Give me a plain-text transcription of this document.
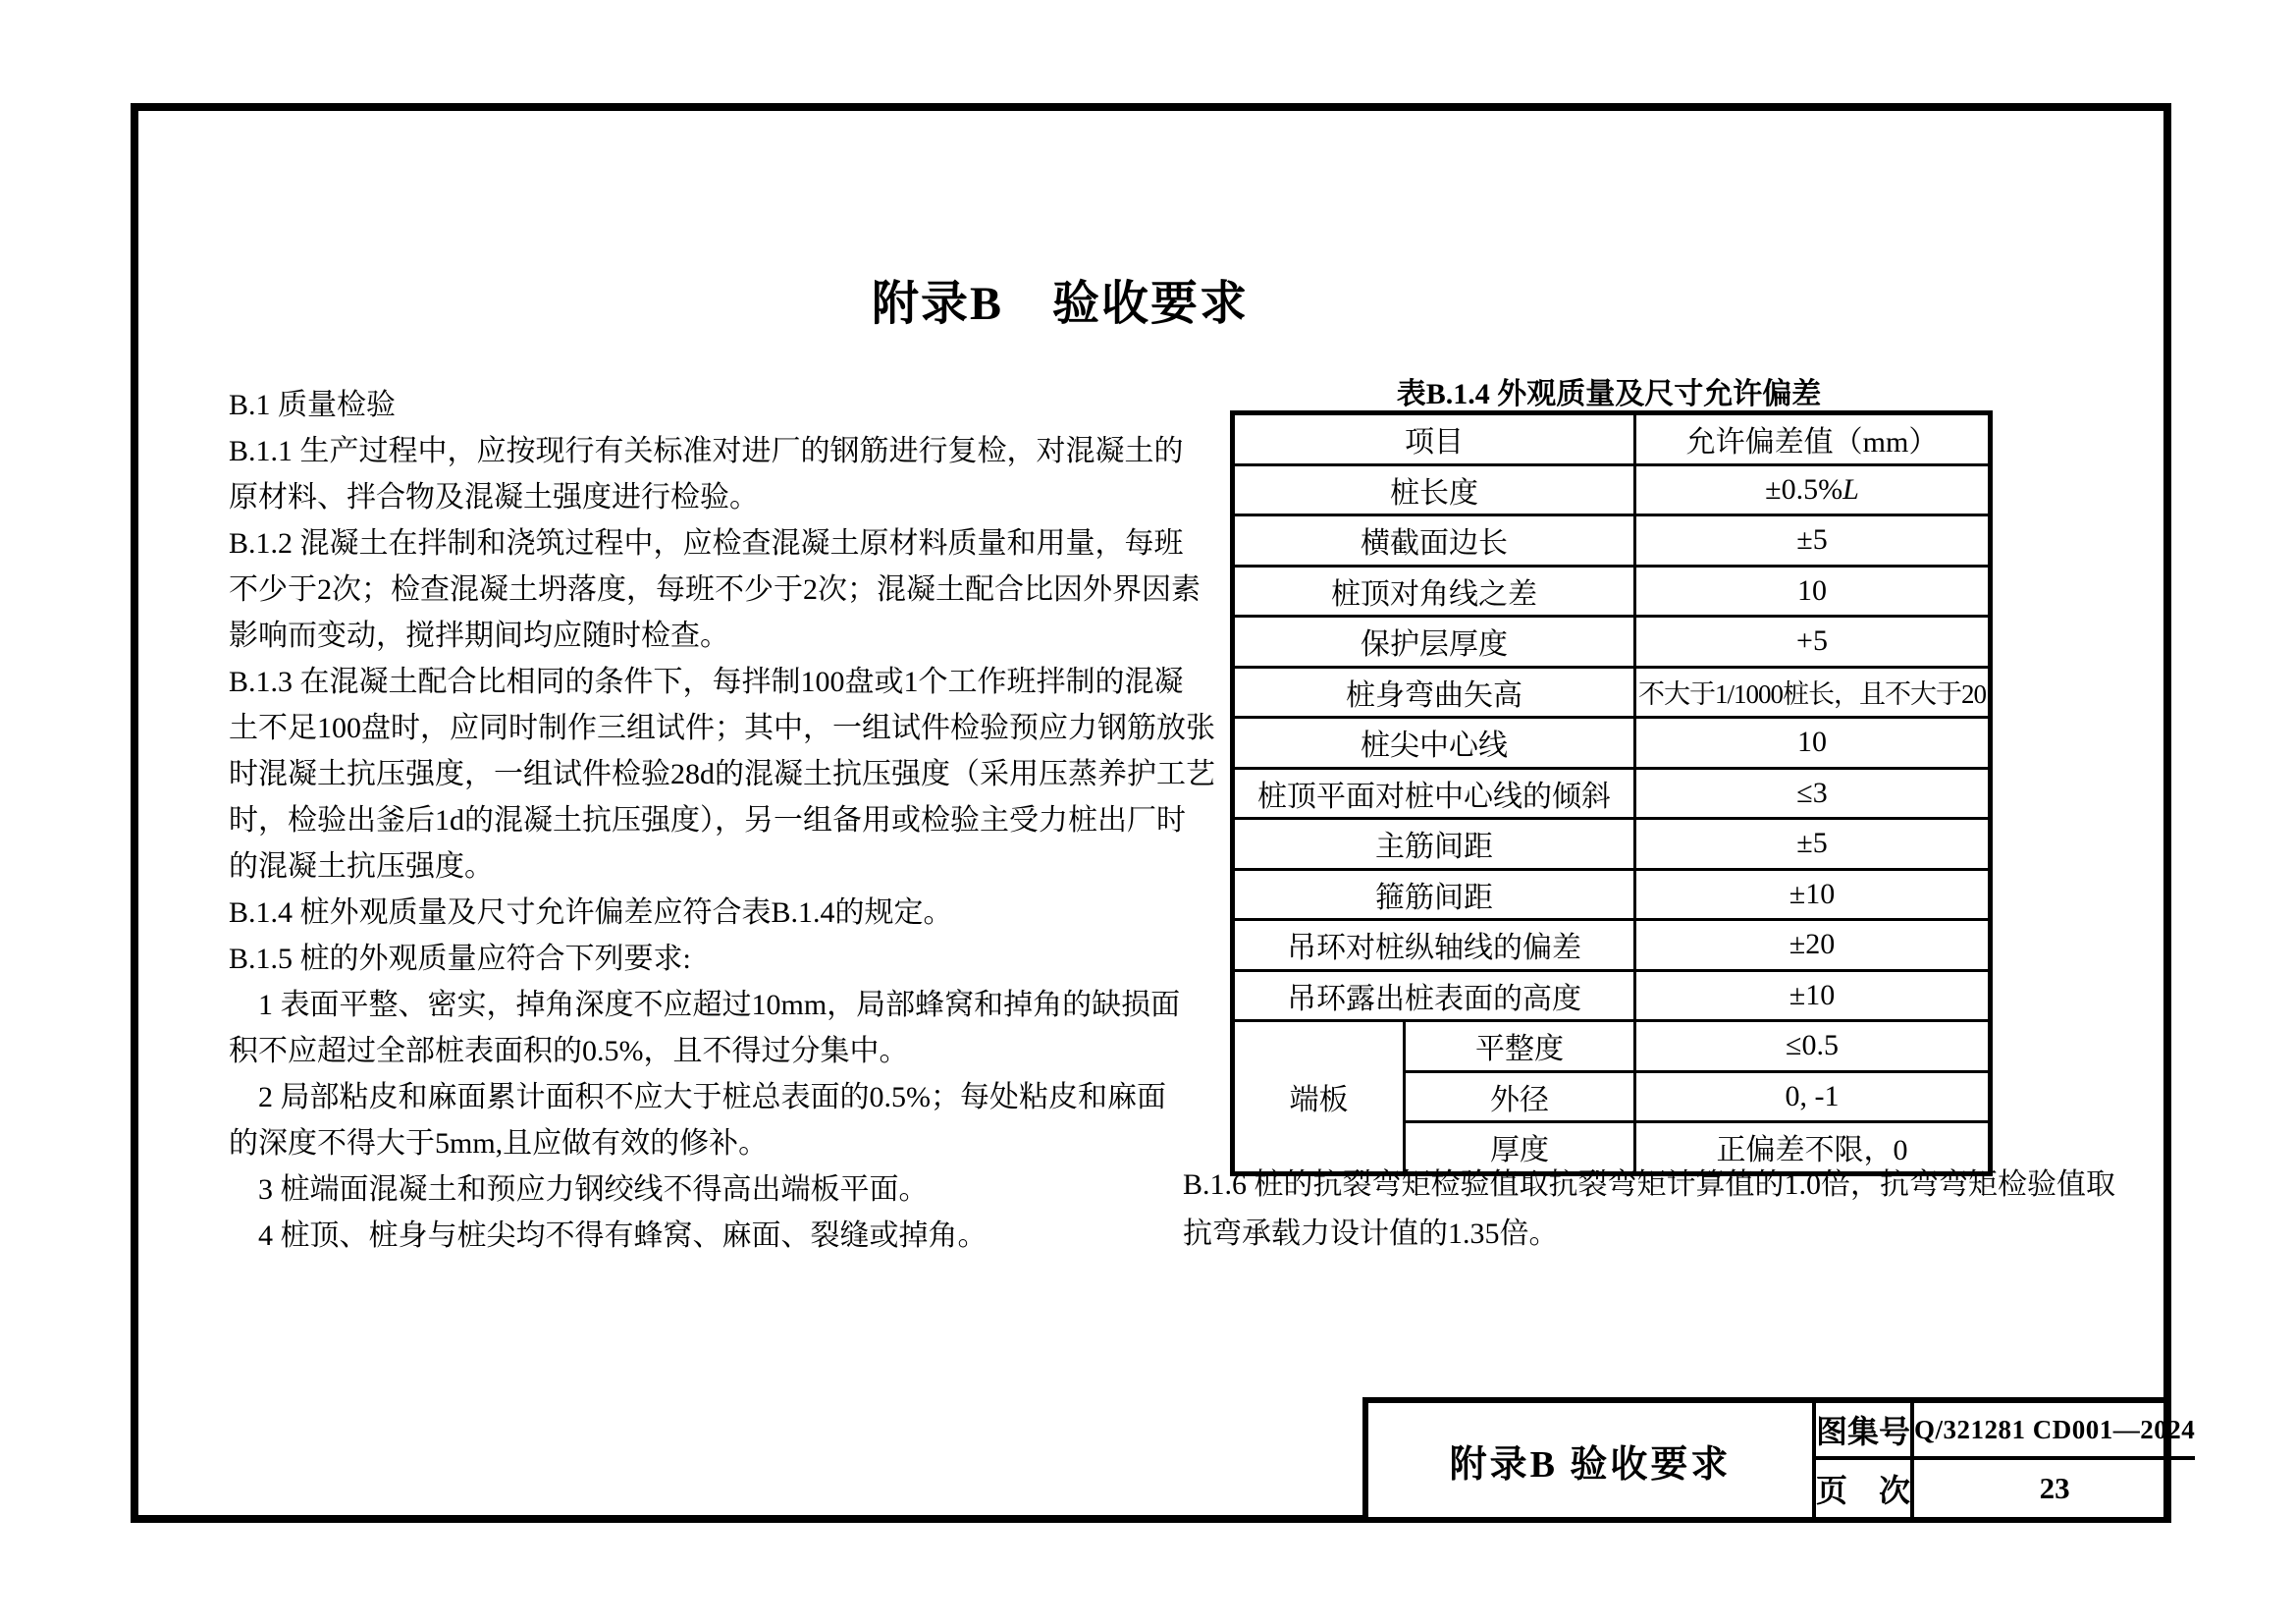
附录B　验收要求
B.1 质量检验
B.1.1 生产过程中，应按现行有关标准对进厂的钢筋进行复检，对混凝土的
原材料、拌合物及混凝土强度进行检验。
B.1.2 混凝土在拌制和浇筑过程中，应检查混凝土原材料质量和用量，每班
不少于2次；检查混凝土坍落度，每班不少于2次；混凝土配合比因外界因素
影响而变动，搅拌期间均应随时检查。
B.1.3 在混凝土配合比相同的条件下，每拌制100盘或1个工作班拌制的混凝
土不足100盘时，应同时制作三组试件；其中，一组试件检验预应力钢筋放张
时混凝土抗压强度，一组试件检验28d的混凝土抗压强度（采用压蒸养护工艺
时，检验出釜后1d的混凝土抗压强度），另一组备用或检验主受力桩出厂时
的混凝土抗压强度。
B.1.4 桩外观质量及尺寸允许偏差应符合表B.1.4的规定。
B.1.5 桩的外观质量应符合下列要求:
　1 表面平整、密实，掉角深度不应超过10mm，局部蜂窝和掉角的缺损面
积不应超过全部桩表面积的0.5%，且不得过分集中。
　2 局部粘皮和麻面累计面积不应大于桩总表面的0.5%；每处粘皮和麻面
的深度不得大于5mm,且应做有效的修补。
　3 桩端面混凝土和预应力钢绞线不得高出端板平面。
　4 桩顶、桩身与桩尖均不得有蜂窝、麻面、裂缝或掉角。
表B.1.4 外观质量及尺寸允许偏差
项目		允许偏差值（mm）
桩长度		±0.5%L
横截面边长		±5
桩顶对角线之差		10
保护层厚度		+5
桩身弯曲矢高		不大于1/1000桩长，且不大于20
桩尖中心线		10
桩顶平面对桩中心线的倾斜		≤3
主筋间距		±5
箍筋间距		±10
吊环对桩纵轴线的偏差		±20
吊环露出桩表面的高度		±10
端板	平整度	≤0.5
	外径	0, -1
	厚度	正偏差不限，0
B.1.6 桩的抗裂弯矩检验值取抗裂弯矩计算值的1.0倍，抗弯弯矩检验值取
抗弯承载力设计值的1.35倍。
附录B 验收要求
图集号 Q/321281 CD001—2024
页　次	23
